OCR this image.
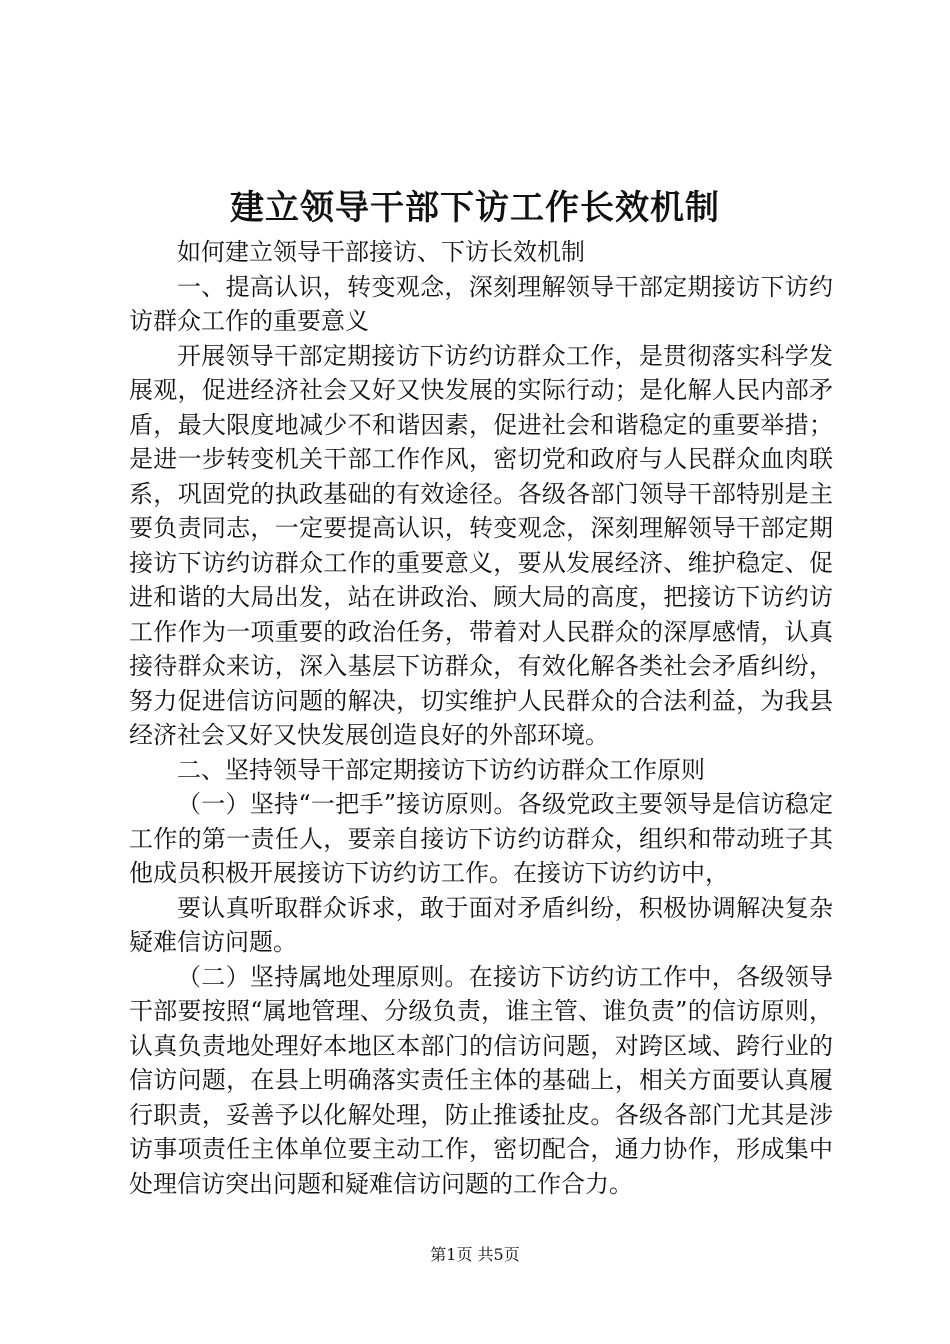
建立领导干部下访工作长效机制

如何建立领导干部接访、下访长效机制

一、提高认识，转变观念，深刻理解领导干部定期接访下访约访群众工作的重要意义

开展领导干部定期接访下访约访群众工作，是贯彻落实科学发展观，促进经济社会又好又快发展的实际行动；是化解人民内部矛盾，最大限度地减少不和谐因素，促进社会和谐稳定的重要举措；是进一步转变机关干部工作作风，密切党和政府与人民群众血肉联系，巩固党的执政基础的有效途径。各级各部门领导干部特别是主要负责同志，一定要提高认识，转变观念，深刻理解领导干部定期接访下访约访群众工作的重要意义，要从发展经济、维护稳定、促进和谐的大局出发，站在讲政治、顾大局的高度，把接访下访约访工作作为一项重要的政治任务，带着对人民群众的深厚感情，认真接待群众来访，深入基层下访群众，有效化解各类社会矛盾纠纷，努力促进信访问题的解决，切实维护人民群众的合法利益，为我县经济社会又好又快发展创造良好的外部环境。

二、坚持领导干部定期接访下访约访群众工作原则

（一）坚持“一把手”接访原则。各级党政主要领导是信访稳定工作的第一责任人，要亲自接访下访约访群众，组织和带动班子其他成员积极开展接访下访约访工作。在接访下访约访中，

要认真听取群众诉求，敢于面对矛盾纠纷，积极协调解决复杂疑难信访问题。

（二）坚持属地处理原则。在接访下访约访工作中，各级领导干部要按照“属地管理、分级负责，谁主管、谁负责”的信访原则，认真负责地处理好本地区本部门的信访问题，对跨区域、跨行业的信访问题，在县上明确落实责任主体的基础上，相关方面要认真履行职责，妥善予以化解处理，防止推诿扯皮。各级各部门尤其是涉访事项责任主体单位要主动工作，密切配合，通力协作，形成集中处理信访突出问题和疑难信访问题的工作合力。

第1页 共5页
